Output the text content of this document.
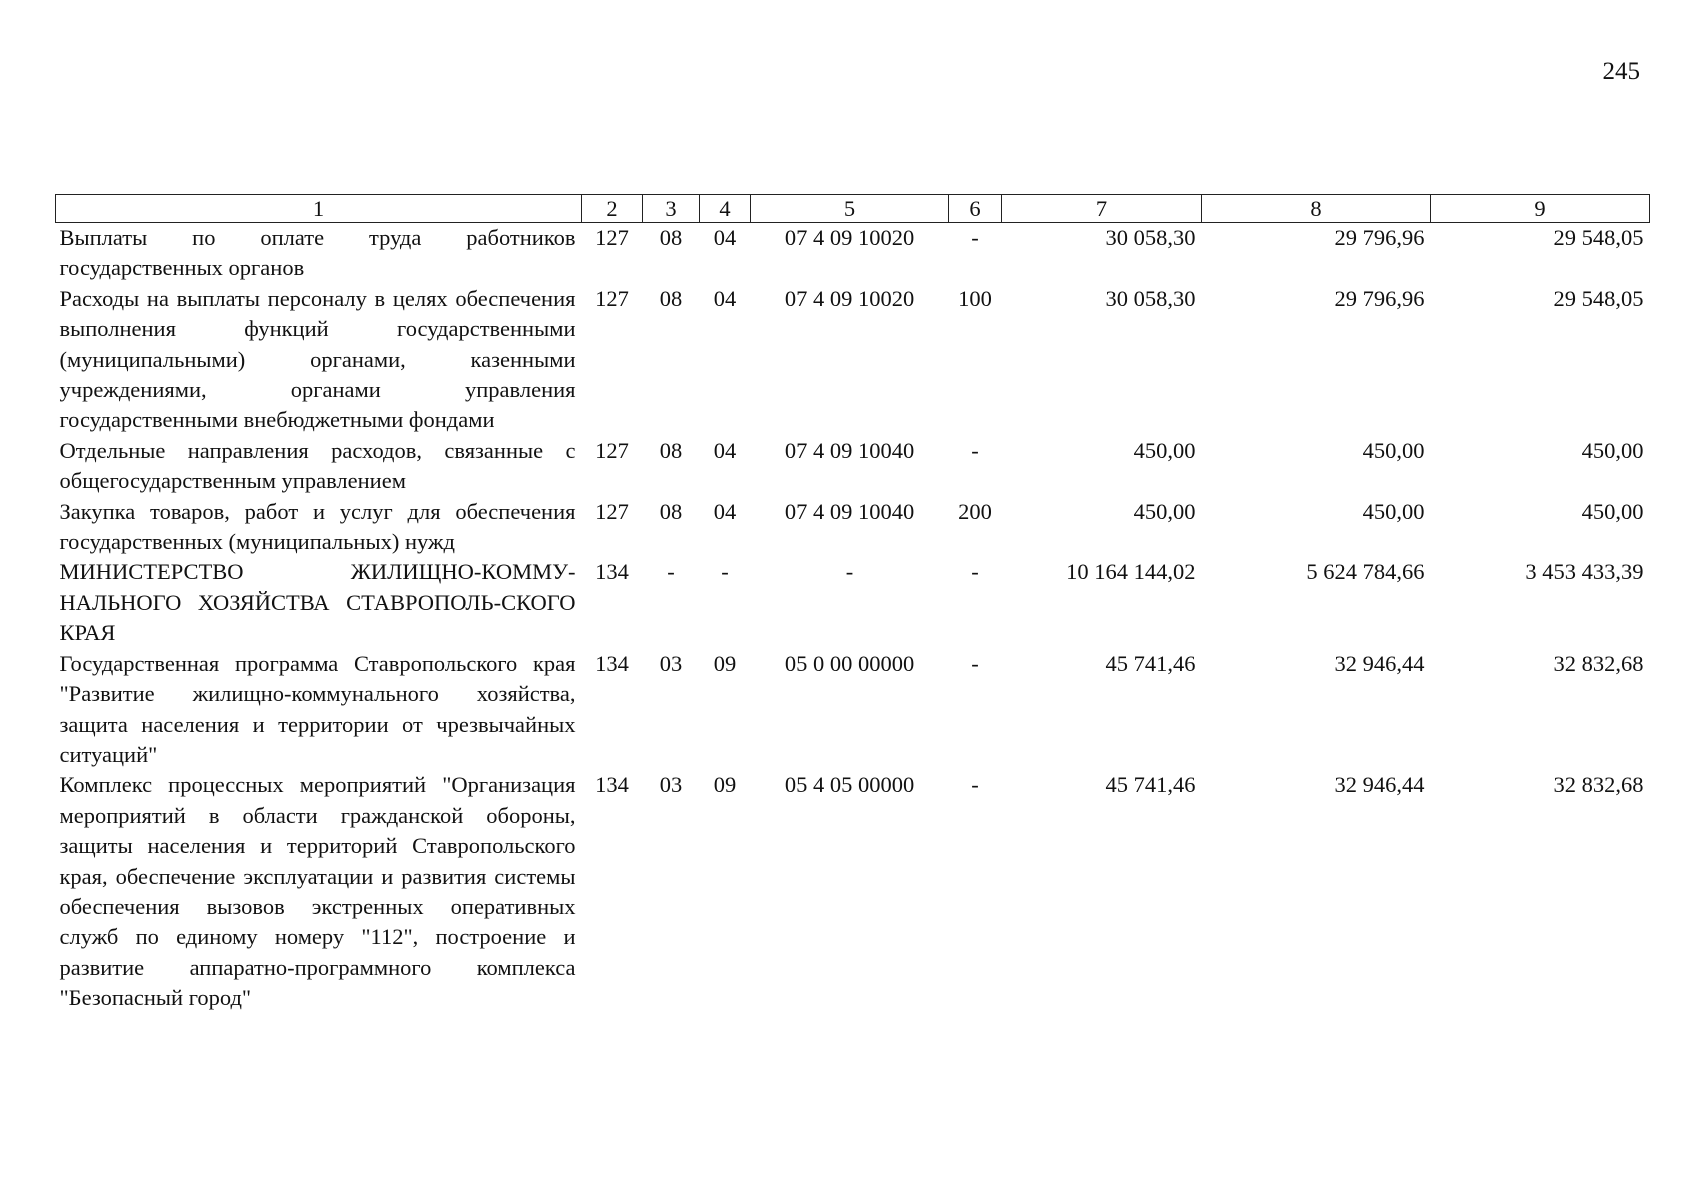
245
1	2	3	4	5	6	7	8	9
Выплаты по оплате труда работников государственных органов	127	08	04	07 4 09 10020	-	30 058,30	29 796,96	29 548,05
Расходы на выплаты персоналу в целях обеспечения выполнения функций государственными (муниципальными) органами, казенными учреждениями, органами управления государственными внебюджетными фондами	127	08	04	07 4 09 10020	100	30 058,30	29 796,96	29 548,05
Отдельные направления расходов, связанные с общегосударственным управлением	127	08	04	07 4 09 10040	-	450,00	450,00	450,00
Закупка товаров, работ и услуг для обеспечения государственных (муниципальных) нужд	127	08	04	07 4 09 10040	200	450,00	450,00	450,00
МИНИСТЕРСТВО ЖИЛИЩНО-КОММУ-НАЛЬНОГО ХОЗЯЙСТВА СТАВРОПОЛЬ-СКОГО КРАЯ	134	-	-	-	-	10 164 144,02	5 624 784,66	3 453 433,39
Государственная программа Ставропольского края "Развитие жилищно-коммунального хозяйства, защита населения и территории от чрезвычайных ситуаций"	134	03	09	05 0 00 00000	-	45 741,46	32 946,44	32 832,68
Комплекс процессных мероприятий "Организация мероприятий в области гражданской обороны, защиты населения и территорий Ставропольского края, обеспечение эксплуатации и развития системы обеспечения вызовов экстренных оперативных служб по единому номеру "112", построение и развитие аппаратно-программного комплекса "Безопасный город"	134	03	09	05 4 05 00000	-	45 741,46	32 946,44	32 832,68
